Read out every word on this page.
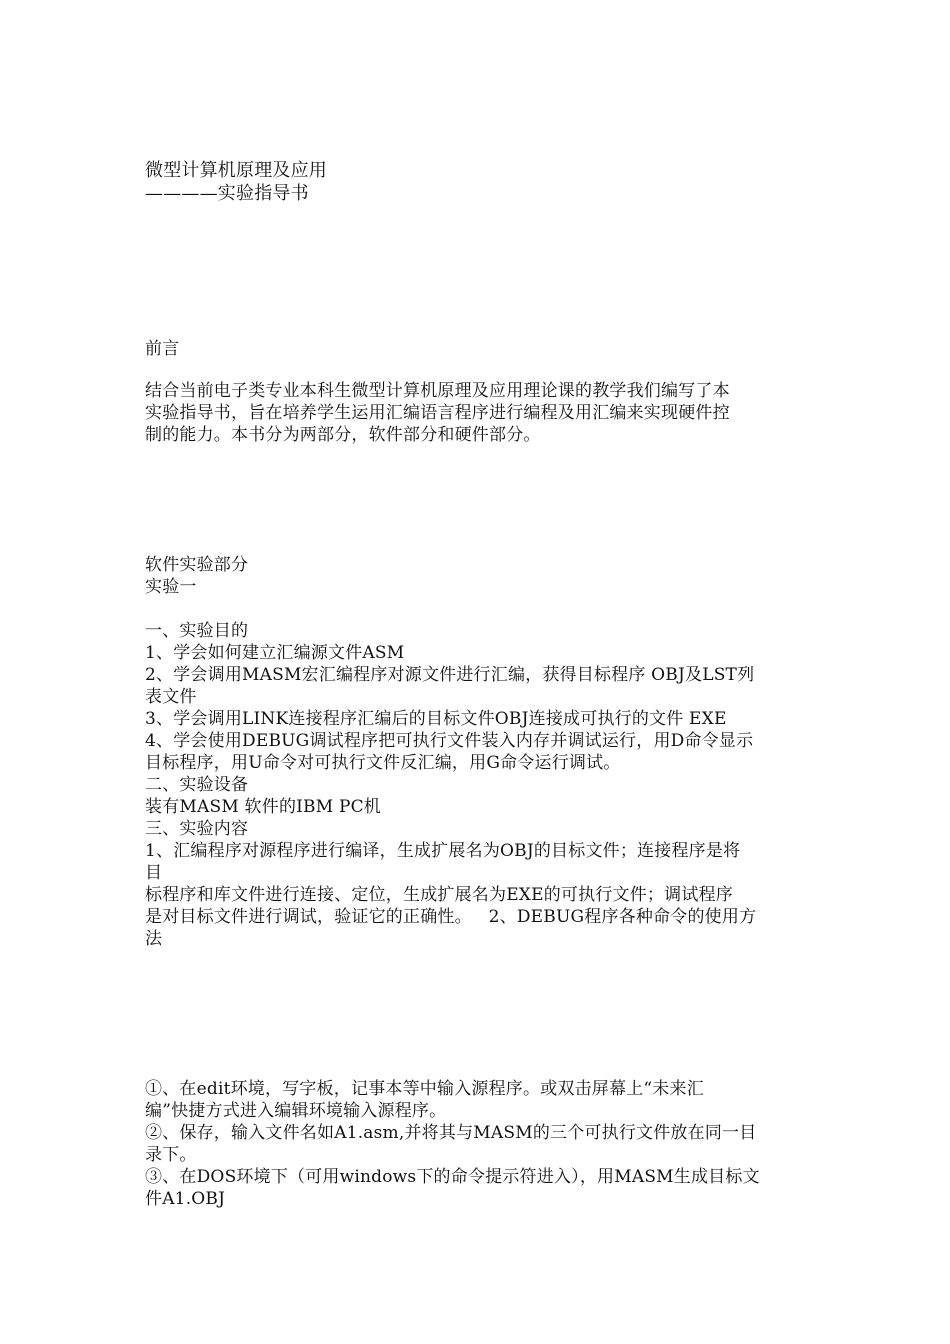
微型计算机原理及应用
————实验指导书
前言
结合当前电子类专业本科生微型计算机原理及应用理论课的教学我们编写了本
实验指导书，旨在培养学生运用汇编语言程序进行编程及用汇编来实现硬件控
制的能力。本书分为两部分，软件部分和硬件部分。
软件实验部分
实验一
一、实验目的
1、学会如何建立汇编源文件ASM
2、学会调用MASM宏汇编程序对源文件进行汇编，获得目标程序 OBJ及LST列
表文件
3、学会调用LINK连接程序汇编后的目标文件OBJ连接成可执行的文件 EXE
4、学会使用DEBUG调试程序把可执行文件装入内存并调试运行，用D命令显示
目标程序，用U命令对可执行文件反汇编，用G命令运行调试。
二、实验设备
装有MASM 软件的IBM PC机
三、实验内容
1、汇编程序对源程序进行编译，生成扩展名为OBJ的目标文件；连接程序是将
目
标程序和库文件进行连接、定位，生成扩展名为EXE的可执行文件；调试程序
是对目标文件进行调试，验证它的正确性。   2、DEBUG程序各种命令的使用方
法
①、在edit环境，写字板，记事本等中输入源程序。或双击屏幕上“未来汇
编”快捷方式进入编辑环境输入源程序。
②、保存，输入文件名如A1.asm,并将其与MASM的三个可执行文件放在同一目
录下。
③、在DOS环境下（可用windows下的命令提示符进入），用MASM生成目标文
件A1.OBJ
